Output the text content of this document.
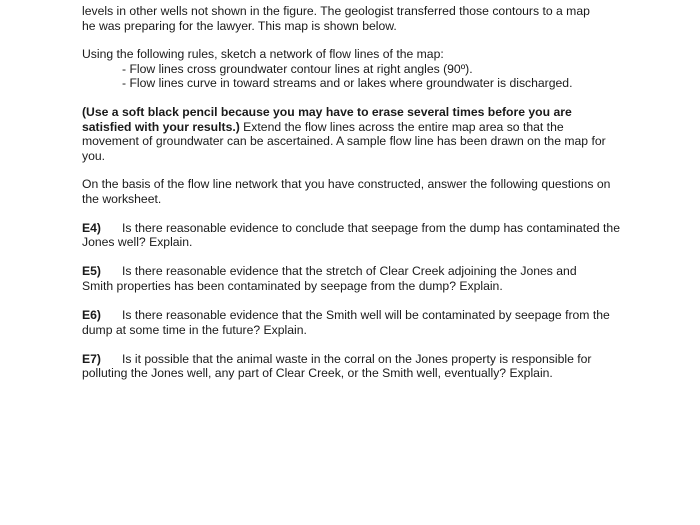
levels in other wells not shown in the figure. The geologist transferred those contours to a map

he was preparing for the lawyer. This map is shown below.

Using the following rules, sketch a network of flow lines of the map:

- Flow lines cross groundwater contour lines at right angles (90º).

- Flow lines curve in toward streams and or lakes where groundwater is discharged.

(Use a soft black pencil because you may have to erase several times before you are satisfied with your results.) Extend the flow lines across the entire map area so that the movement of groundwater can be ascertained. A sample flow line has been drawn on the map for you.

On the basis of the flow line network that you have constructed, answer the following questions on the worksheet.

E4) Is there reasonable evidence to conclude that seepage from the dump has contaminated the Jones well? Explain.

E5) Is there reasonable evidence that the stretch of Clear Creek adjoining the Jones and Smith properties has been contaminated by seepage from the dump? Explain.

E6) Is there reasonable evidence that the Smith well will be contaminated by seepage from the dump at some time in the future? Explain.

E7) Is it possible that the animal waste in the corral on the Jones property is responsible for polluting the Jones well, any part of Clear Creek, or the Smith well, eventually? Explain.
